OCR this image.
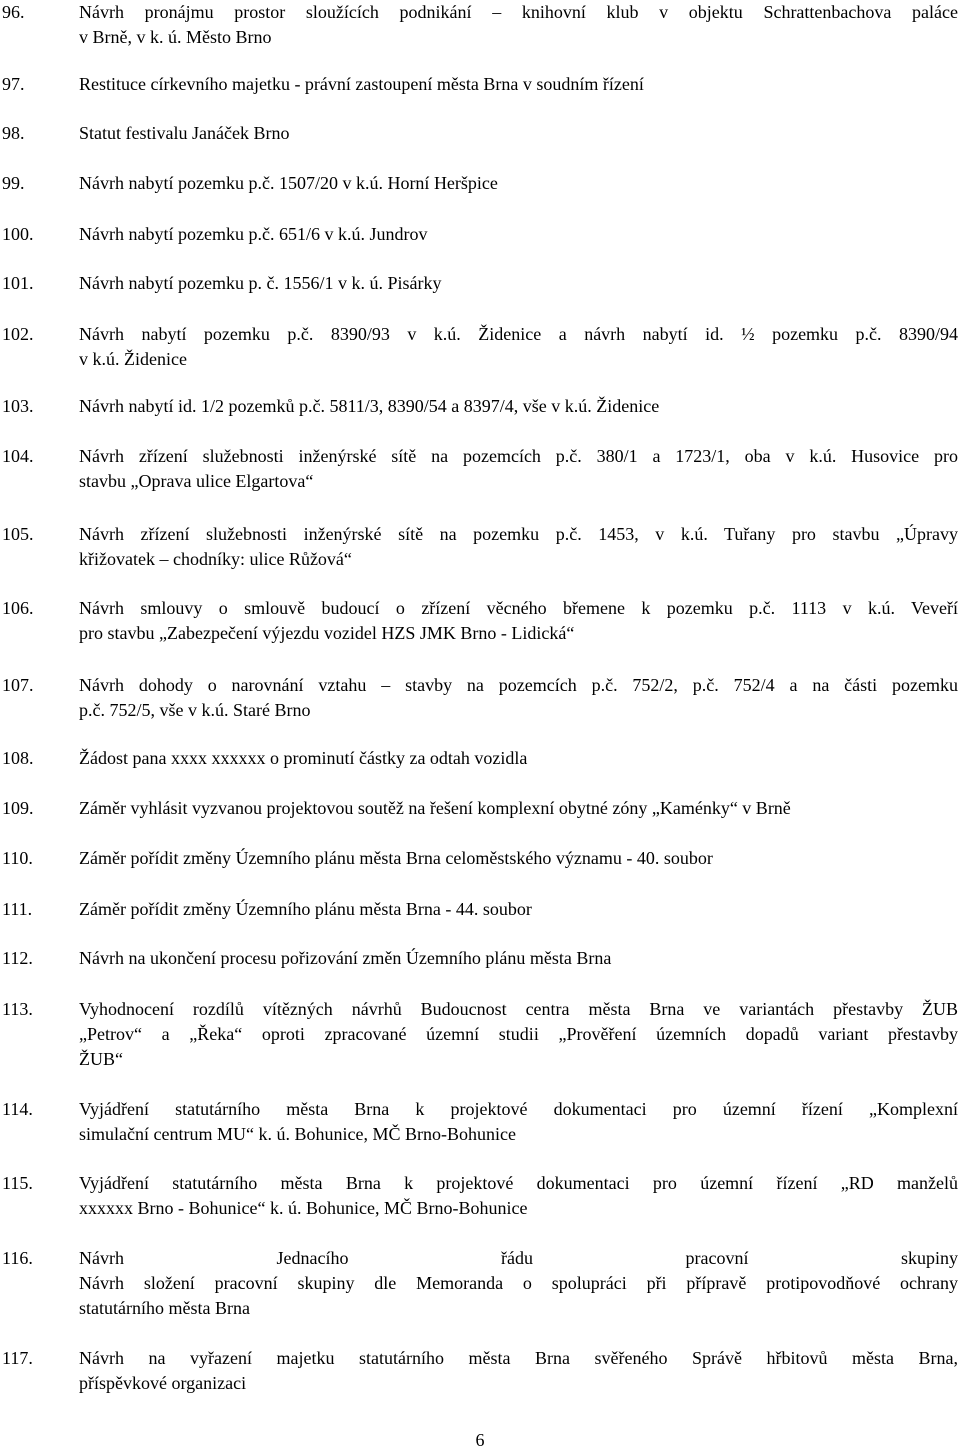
96.	Návrh pronájmu prostor sloužících podnikání – knihovní klub v objektu Schrattenbachova paláce
v Brně, v k. ú. Město Brno
97.	Restituce církevního majetku - právní zastoupení města Brna v soudním řízení
98.	Statut festivalu Janáček Brno
99.	Návrh nabytí pozemku p.č. 1507/20 v k.ú. Horní Heršpice
100.	Návrh nabytí pozemku p.č. 651/6 v k.ú. Jundrov
101.	Návrh nabytí pozemku p. č. 1556/1 v k. ú. Pisárky
102.	Návrh nabytí pozemku p.č. 8390/93 v k.ú. Židenice a návrh nabytí id. ½ pozemku p.č. 8390/94
v k.ú. Židenice
103.	Návrh nabytí id. 1/2 pozemků p.č. 5811/3, 8390/54 a 8397/4, vše v k.ú. Židenice
104.	Návrh zřízení služebnosti inženýrské sítě na pozemcích p.č. 380/1 a 1723/1, oba v k.ú. Husovice pro
stavbu „Oprava ulice Elgartova“
105.	Návrh zřízení služebnosti inženýrské sítě na pozemku p.č. 1453, v k.ú. Tuřany pro stavbu „Úpravy
křižovatek – chodníky: ulice Růžová“
106.	Návrh smlouvy o smlouvě budoucí o zřízení věcného břemene k pozemku p.č. 1113 v k.ú. Veveří
pro stavbu „Zabezpečení výjezdu vozidel HZS JMK Brno - Lidická“
107.	Návrh dohody o narovnání vztahu – stavby na pozemcích p.č. 752/2, p.č. 752/4 a na části pozemku
p.č. 752/5, vše v k.ú. Staré Brno
108.	Žádost pana xxxx xxxxxx o prominutí částky za odtah vozidla
109.	Záměr vyhlásit vyzvanou projektovou soutěž na řešení komplexní obytné zóny „Kaménky“ v Brně
110.	Záměr pořídit změny Územního plánu města Brna celoměstského významu - 40. soubor
111.	Záměr pořídit změny Územního plánu města Brna - 44. soubor
112.	Návrh na ukončení procesu pořizování změn Územního plánu města Brna
113.	Vyhodnocení rozdílů vítězných návrhů Budoucnost centra města Brna ve variantách přestavby ŽUB
„Petrov“ a „Řeka“ oproti zpracované územní studii „Prověření územních dopadů variant přestavby
ŽUB“
114.	Vyjádření statutárního města Brna k projektové dokumentaci pro územní řízení „Komplexní
simulační centrum MU“ k. ú. Bohunice, MČ Brno-Bohunice
115.	Vyjádření statutárního města Brna k projektové dokumentaci pro územní řízení „RD manželů
xxxxxx Brno - Bohunice“ k. ú. Bohunice, MČ Brno-Bohunice
116.	Návrh Jednacího řádu pracovní skupiny
Návrh složení pracovní skupiny dle Memoranda o spolupráci při přípravě protipovodňové ochrany
statutárního města Brna
117.	Návrh na vyřazení majetku statutárního města Brna svěřeného Správě hřbitovů města Brna,
příspěvkové organizaci
6
